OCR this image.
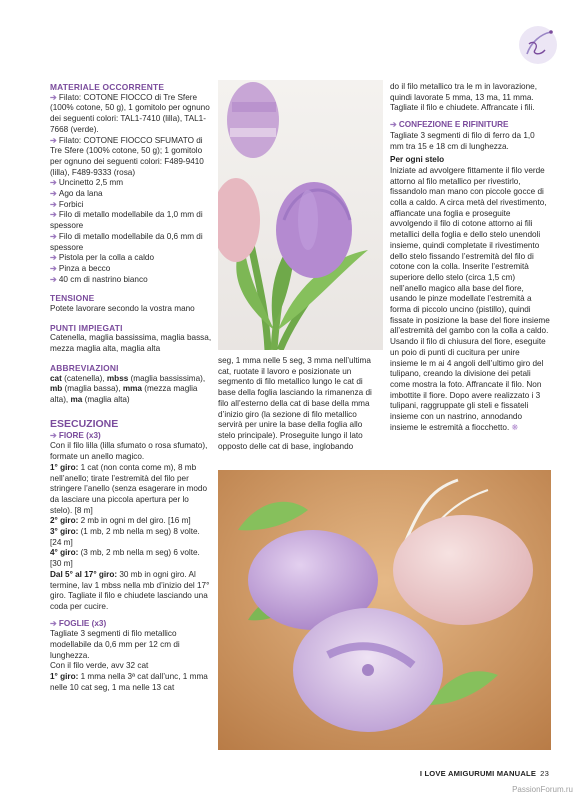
MATERIALE OCCORRENTE

➔ Filato: COTONE FIOCCO di Tre Sfere (100% cotone, 50 g), 1 gomitolo per ognuno dei seguenti colori: TAL1-7410 (lilla), TAL1-7668 (verde).

➔ Filato: COTONE FIOCCO SFUMATO di Tre Sfere (100% cotone, 50 g); 1 gomitolo per ognuno dei seguenti colori: F489-9410 (lilla), F489-9333 (rosa)

➔ Uncinetto 2,5 mm

➔ Ago da lana

➔ Forbici

➔ Filo di metallo modellabile da 1,0 mm di spessore

➔ Filo di metallo modellabile da 0,6 mm di spessore

➔ Pistola per la colla a caldo

➔ Pinza a becco

➔ 40 cm di nastrino bianco

TENSIONE

Potete lavorare secondo la vostra mano

PUNTI IMPIEGATI

Catenella, maglia bassissima, maglia bassa, mezza maglia alta, maglia alta

ABBREVIAZIONI

cat (catenella), mbss (maglia bassissima), mb (maglia bassa), mma (mezza maglia alta), ma (maglia alta)

ESECUZIONE

➔ FIORE (x3)

Con il filo lilla (lilla sfumato o rosa sfumato), formate un anello magico.

1° giro: 1 cat (non conta come m), 8 mb nell’anello; tirate l’estremità del filo per stringere l’anello (senza esagerare in modo da lasciare una piccola apertura per lo stelo). [8 m]

2° giro: 2 mb in ogni m del giro. [16 m]

3° giro: (1 mb, 2 mb nella m seg) 8 volte. [24 m]

4° giro: (3 mb, 2 mb nella m seg) 6 volte. [30 m]

Dal 5° al 17° giro: 30 mb in ogni giro. Al termine, lav 1 mbss nella mb d’inizio del 17° giro. Tagliate il filo e chiudete lasciando una coda per cucire.

➔ FOGLIE (x3)

Tagliate 3 segmenti di filo metallico modellabile da 0,6 mm per 12 cm di lunghezza.

Con il filo verde, avv 32 cat

1° giro: 1 mma nella 3ª cat dall’unc, 1 mma nelle 10 cat seg, 1 ma nelle 13 cat

seg, 1 mma nelle 5 seg, 3 mma nell’ultima cat, ruotate il lavoro e posizionate un segmento di filo metallico lungo le cat di base della foglia lasciando la rimanenza di filo all’esterno della cat di base della mma d’inizio giro (la sezione di filo metallico servirà per unire la base della foglia allo stelo principale). Proseguite lungo il lato opposto delle cat di base, inglobando

do il filo metallico tra le m in lavorazione, quindi lavorate 5 mma, 13 ma, 11 mma. Tagliate il filo e chiudete. Affrancate i fili.

➔ CONFEZIONE E RIFINITURE

Tagliate 3 segmenti di filo di ferro da 1,0 mm tra 15 e 18 cm di lunghezza.

Per ogni stelo

Iniziate ad avvolgere fittamente il filo verde attorno al filo metallico per rivestirlo, fissandolo man mano con piccole gocce di colla a caldo. A circa metà del rivestimento, affiancate una foglia e proseguite avvolgendo il filo di cotone attorno ai fili metallici della foglia e dello stelo unendoli insieme, quindi completate il rivestimento dello stelo fissando l’estremità del filo di cotone con la colla. Inserite l’estremità superiore dello stelo (circa 1,5 cm) nell’anello magico alla base del fiore, usando le pinze modellate l’estremità a forma di piccolo uncino (pistillo), quindi fissate in posizione la base del fiore insieme all’estremità del gambo con la colla a caldo. Usando il filo di chiusura del fiore, eseguite un poio di punti di cucitura per unire insieme le m ai 4 angoli dell’ultimo giro del tulipano, creando la divisione dei petali come mostra la foto. Affrancate il filo. Non imbottite il fiore. Dopo avere realizzato i 3 tulipani, raggruppate gli steli e fissateli insieme con un nastrino, annodando insieme le estremità a fiocchetto. ❋

I LOVE AMIGURUMI MANUALE 23
PassionForum.ru
